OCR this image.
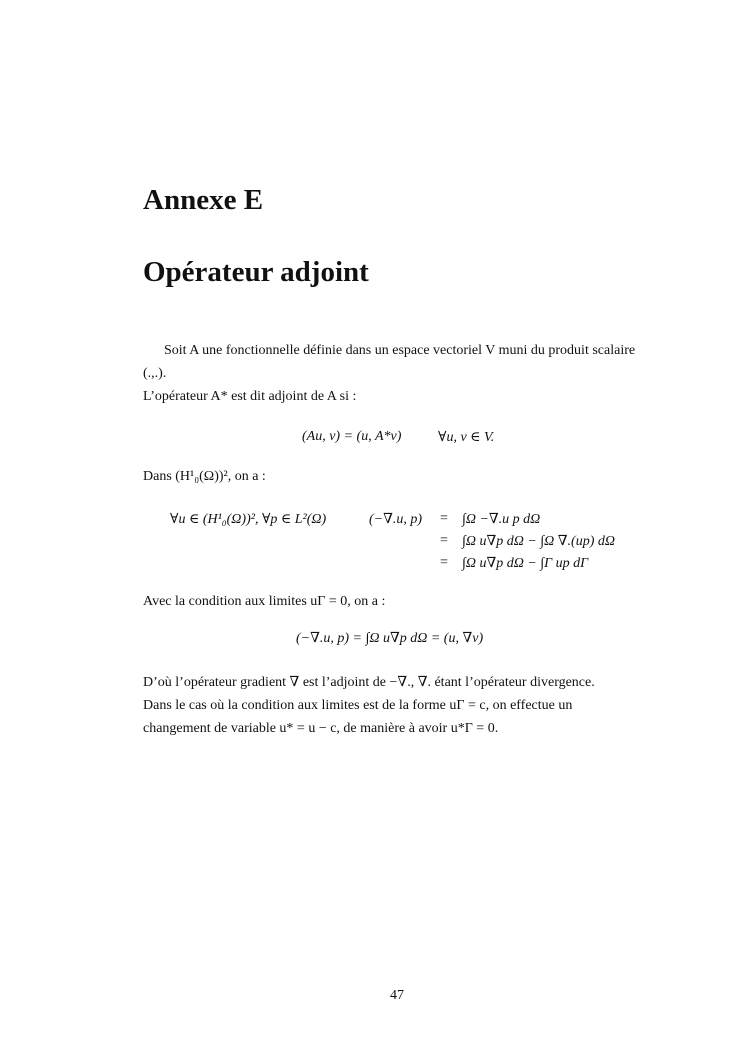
Annexe E
Opérateur adjoint
Soit A une fonctionnelle définie dans un espace vectoriel V muni du produit scalaire
(.,.).
L’opérateur A* est dit adjoint de A si :
(Au, v) = (u, A*v)	∀u, v ∈ V.
Dans (H¹₀(Ω))², on a :
∀u ∈ (H¹₀(Ω))², ∀p ∈ L²(Ω)	(−∇.u, p) = ∫Ω −∇.u p dΩ
= ∫Ω u∇p dΩ − ∫Ω ∇.(up) dΩ
= ∫Ω u∇p dΩ − ∫Γ up dΓ
Avec la condition aux limites uΓ = 0, on a :
(−∇.u, p) = ∫Ω u∇p dΩ = (u, ∇v)
D’où l’opérateur gradient ∇ est l’adjoint de −∇., ∇. étant l’opérateur divergence.
Dans le cas où la condition aux limites est de la forme uΓ = c, on effectue un
changement de variable u* = u − c, de manière à avoir u*Γ = 0.
47
